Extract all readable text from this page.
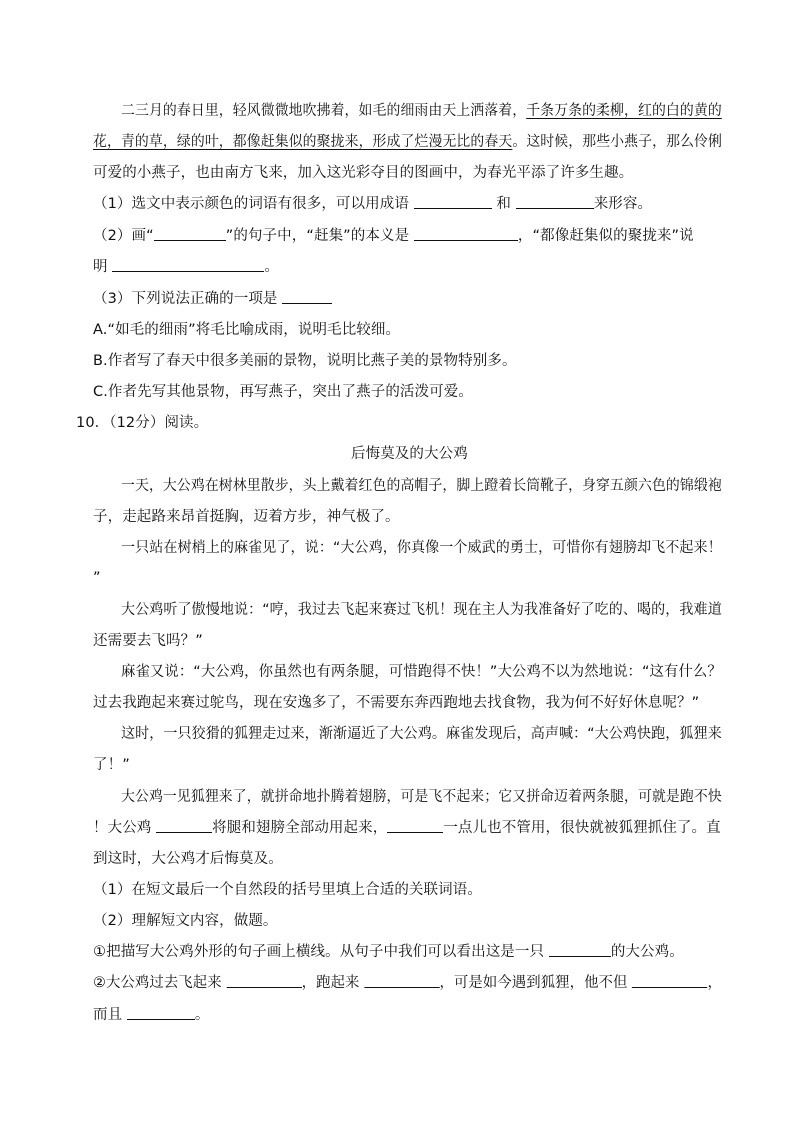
二三月的春日里，轻风微微地吹拂着，如毛的细雨由天上洒落着，千条万条的柔柳，红的白的黄的
花，青的草，绿的叶，都像赶集似的聚拢来，形成了烂漫无比的春天。这时候，那些小燕子，那么伶俐
可爱的小燕子，也由南方飞来，加入这光彩夺目的图画中，为春光平添了许多生趣。
（1）选文中表示颜色的词语有很多，可以用成语	和	来形容。
（2）画“	”的句子中，“赶集”的本义是	，“都像赶集似的聚拢来”说
明	。
（3）下列说法正确的一项是
A.“如毛的细雨”将毛比喻成雨，说明毛比较细。
B.作者写了春天中很多美丽的景物，说明比燕子美的景物特别多。
C.作者先写其他景物，再写燕子，突出了燕子的活泼可爱。
10．（12分）阅读。
后悔莫及的大公鸡
一天，大公鸡在树林里散步，头上戴着红色的高帽子，脚上蹬着长筒靴子，身穿五颜六色的锦缎袍
子，走起路来昂首挺胸，迈着方步，神气极了。
一只站在树梢上的麻雀见了，说：“大公鸡，你真像一个威武的勇士，可惜你有翅膀却飞不起来！
”
大公鸡听了傲慢地说：“哼，我过去飞起来赛过飞机！现在主人为我准备好了吃的、喝的，我难道
还需要去飞吗？”
麻雀又说：“大公鸡，你虽然也有两条腿，可惜跑得不快！”大公鸡不以为然地说：“这有什么？
过去我跑起来赛过鸵鸟，现在安逸多了，不需要东奔西跑地去找食物，我为何不好好休息呢？”
这时，一只狡猾的狐狸走过来，渐渐逼近了大公鸡。麻雀发现后，高声喊：“大公鸡快跑，狐狸来
了！”
大公鸡一见狐狸来了，就拼命地扑腾着翅膀，可是飞不起来；它又拼命迈着两条腿，可就是跑不快
！大公鸡	将腿和翅膀全部动用起来，	一点儿也不管用，很快就被狐狸抓住了。直
到这时，大公鸡才后悔莫及。
（1）在短文最后一个自然段的括号里填上合适的关联词语。
（2）理解短文内容，做题。
①把描写大公鸡外形的句子画上横线。从句子中我们可以看出这是一只	的大公鸡。
②大公鸡过去飞起来	，跑起来	，可是如今遇到狐狸，他不但	，
而且	。
